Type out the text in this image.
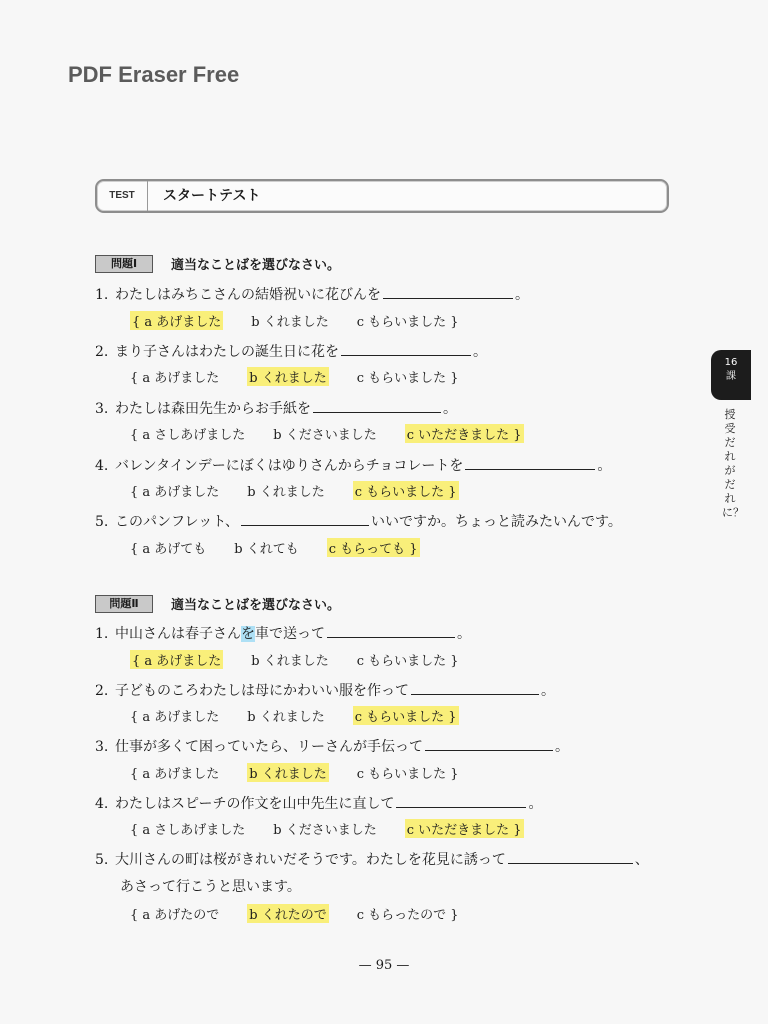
PDF Eraser Free
TEST	スタートテスト
16
課
授受 だれがだれに？
問題Ⅰ	適当なことばを選びなさい。
1. わたしはみちこさんの結婚祝いに花びんを	。
{ a あげました b くれました c もらいました }
2. まり子さんはわたしの誕生日に花を	。
{ a あげました b くれました c もらいました }
3. わたしは森田先生からお手紙を	。
{ a さしあげました b くださいました c いただきました }
4. バレンタインデーにぼくはゆりさんからチョコレートを	。
{ a あげました b くれました c もらいました }
5. このパンフレット、	いいですか。ちょっと読みたいんです。
{ a あげても b くれても c もらっても }
問題Ⅱ	適当なことばを選びなさい。
1. 中山さんは春子さんを車で送って	。
{ a あげました b くれました c もらいました }
2. 子どものころわたしは母にかわいい服を作って	。
{ a あげました b くれました c もらいました }
3. 仕事が多くて困っていたら、リーさんが手伝って	。
{ a あげました b くれました c もらいました }
4. わたしはスピーチの作文を山中先生に直して	。
{ a さしあげました b くださいました c いただきました }
5. 大川さんの町は桜がきれいだそうです。わたしを花見に誘って	、
あさって行こうと思います。
{ a あげたので b くれたので c もらったので }
— 95 —
